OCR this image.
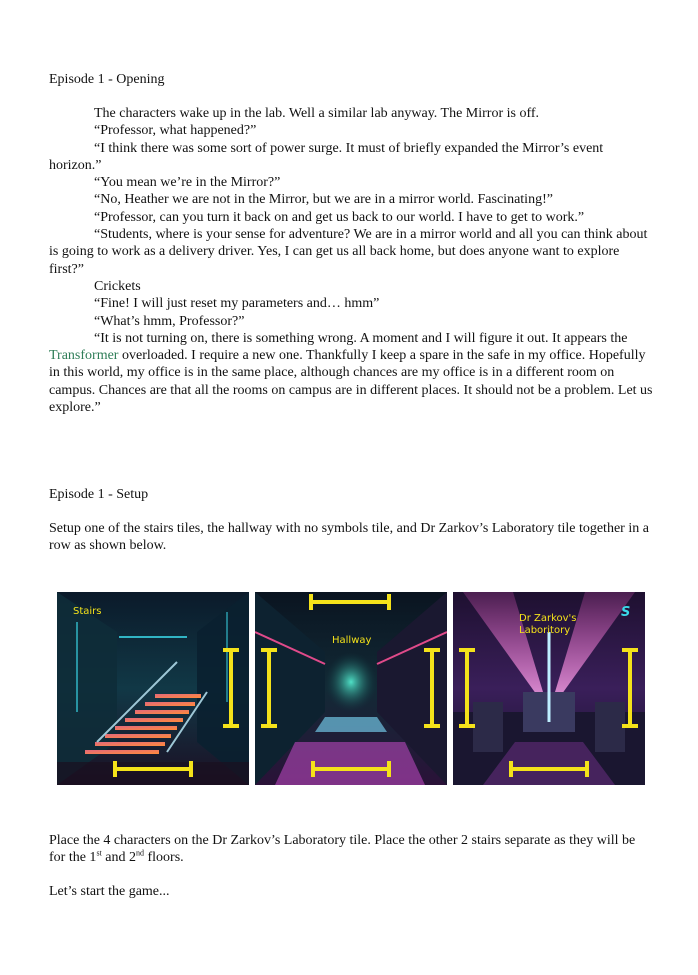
Episode 1 - Opening

The characters wake up in the lab. Well a similar lab anyway. The Mirror is off.

“Professor, what happened?”

“I think there was some sort of power surge. It must of briefly expanded the Mirror’s event horizon.”

“You mean we’re in the Mirror?”

“No, Heather we are not in the Mirror, but we are in a mirror world. Fascinating!”

“Professor, can you turn it back on and get us back to our world. I have to get to work.”

“Students, where is your sense for adventure? We are in a mirror world and all you can think about is going to work as a delivery driver. Yes, I can get us all back home, but does anyone want to explore first?”

Crickets

“Fine! I will just reset my parameters and… hmm”

“What’s hmm, Professor?”

“It is not turning on, there is something wrong. A moment and I will figure it out. It appears the Transformer overloaded. I require a new one. Thankfully I keep a spare in the safe in my office. Hopefully in this world, my office is in the same place, although chances are my office is in a different room on campus. Chances are that all the rooms on campus are in different places. It should not be a problem. Let us explore.”

Episode 1 - Setup
Setup one of the stairs tiles, the hallway with no symbols tile, and Dr Zarkov’s Laboratory tile together in a row as shown below.
Stairs
Hallway
Dr Zarkov's
Laboritory
S
Place the 4 characters on the Dr Zarkov’s Laboratory tile. Place the other 2 stairs separate as they will be for the 1st and 2nd floors.
Let’s start the game...
